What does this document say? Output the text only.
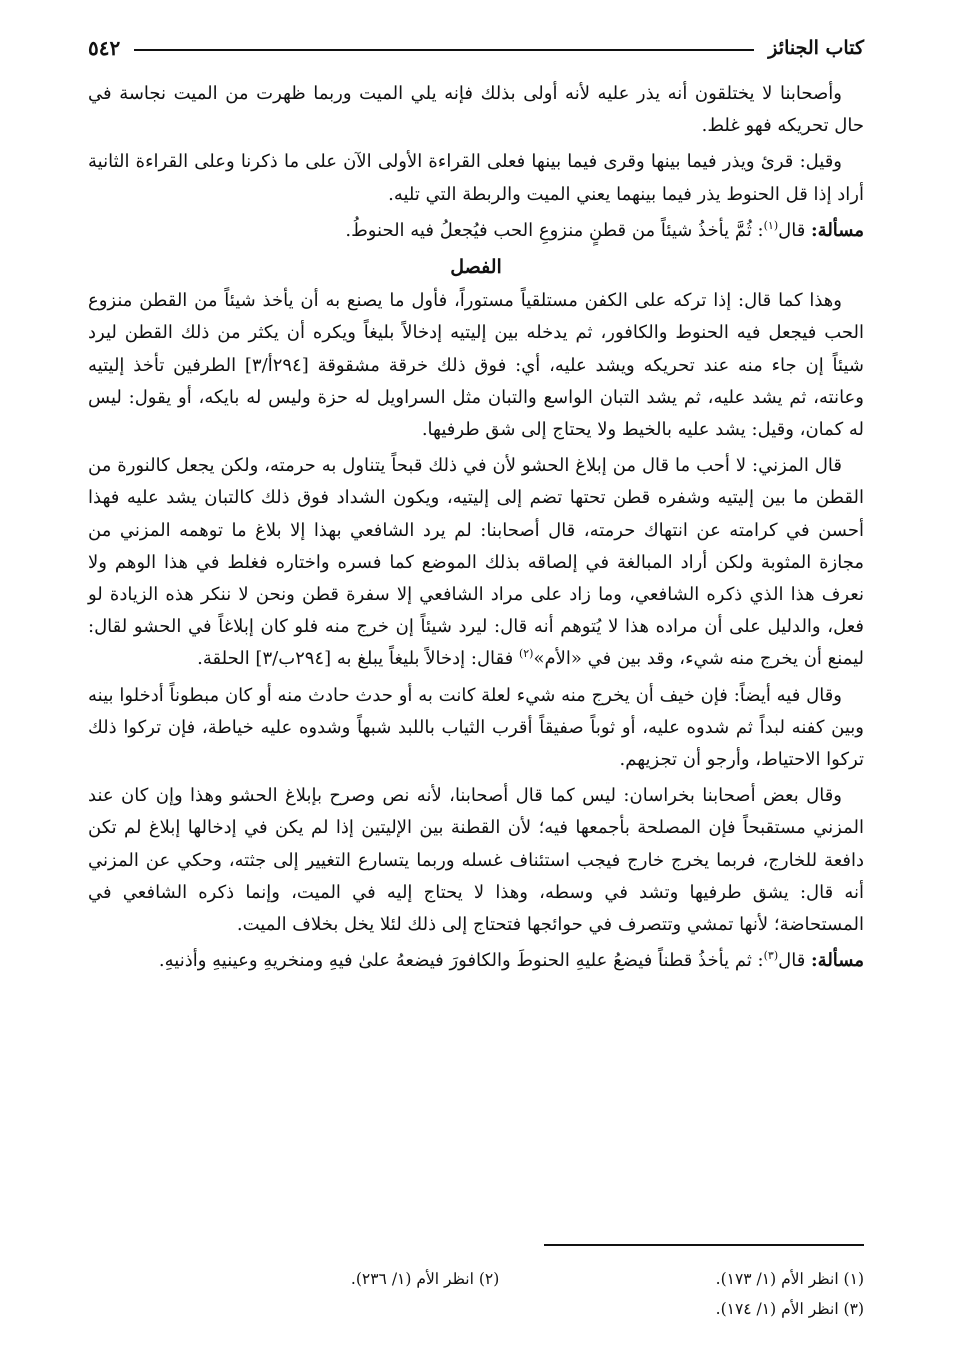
كتاب الجنائز
٥٤٢

وأصحابنا لا يختلقون أنه يذر عليه لأنه أولى بذلك فإنه يلي الميت وربما ظهرت من الميت نجاسة في حال تحريكه فهو غلط.

وقيل: قرئ ويذر فيما بينها وقرى فيما بينها فعلى القراءة الأولى الآن على ما ذكرنا وعلى القراءة الثانية أراد إذا قل الحنوط يذر فيما بينهما يعني الميت والربطة التي تليه.

مسألة: قال$^{(١)}$: ثُمَّ يأخذُ شيئاً من قطنٍ منزوعِ الحب فيُجعلُ فيه الحنوطُ.

الفصل

وهذا كما قال: إذا تركه على الكفن مستلقياً مستوراً، فأول ما يصنع به أن يأخذ شيئاً من القطن منزوع الحب فيجعل فيه الحنوط والكافور، ثم يدخله بين إليتيه إدخالاً بليغاً ويكره أن يكثر من ذلك القطن ليرد شيئاً إن جاء منه عند تحريكه ويشد عليه، أي: فوق ذلك خرقة مشقوقة [٢٩٤أ/٣] الطرفين تأخذ إليتيه وعانته، ثم يشد عليه، ثم يشد التبان الواسع والتبان مثل السراويل له حزة وليس له بايكه، أو يقول: ليس له كمان، وقيل: يشد عليه بالخيط ولا يحتاج إلى شق طرفيها.

قال المزني: لا أحب ما قال من إبلاغ الحشو لأن في ذلك قبحاً يتناول به حرمته، ولكن يجعل كالنورة من القطن ما بين إليتيه وشفره قطن تحتها تضم إلى إليتيه، ويكون الشداد فوق ذلك كالتبان يشد عليه فهذا أحسن في كرامته عن انتهاك حرمته، قال أصحابنا: لم يرد الشافعي بهذا إلا بلاغ ما توهمه المزني من مجازة المثوبة ولكن أراد المبالغة في إلصاقه بذلك الموضع كما فسره واختاره فغلط في هذا الوهم ولا نعرف هذا الذي ذكره الشافعي، وما زاد على مراد الشافعي إلا سفرة قطن ونحن لا ننكر هذه الزيادة لو فعل، والدليل على أن مراده هذا لا يُتوهم أنه قال: ليرد شيئاً إن خرج منه فلو كان إبلاغاً في الحشو لقال: ليمنع أن يخرج منه شيء، وقد بين في «الأم»$^{(٢)}$ فقال: إدخالاً بليغاً يبلغ به [٢٩٤ب/٣] الحلقة.

وقال فيه أيضاً: فإن خيف أن يخرج منه شيء لعلة كانت به أو حدث حادث منه أو كان مبطوناً أدخلوا بينه وبين كفنه لبداً ثم شدوه عليه، أو ثوباً صفيقاً أقرب الثياب باللبد شبهاً وشدوه عليه خياطة، فإن تركوا ذلك تركوا الاحتياط، وأرجو أن تجزيهم.

وقال بعض أصحابنا بخراسان: ليس كما قال أصحابنا، لأنه نص وصرح بإبلاغ الحشو وهذا وإن كان عند المزني مستقبحاً فإن المصلحة بأجمعها فيه؛ لأن القطنة بين الإليتين إذا لم يكن في إدخالها إبلاغ لم تكن دافعة للخارج، فربما يخرج خارج فيجب استئناف غسله وربما يتسارع التغيير إلى جثته، وحكي عن المزني أنه قال: يشق طرفيها وتشد في وسطه، وهذا لا يحتاج إليه في الميت، وإنما ذكره الشافعي في المستحاضة؛ لأنها تمشي وتتصرف في حوائجها فتحتاج إلى ذلك لئلا يخل بخلاف الميت.

مسألة: قال$^{(٣)}$: ثم يأخذُ قطناً فيضعُ عليهِ الحنوطَ والكافورَ فيضعهُ علىٰ فيهِ ومنخريهِ وعينيهِ وأذنيهِ.

(١) انظر الأم (١/ ١٧٣).
(٢) انظر الأم (١/ ٢٣٦).
(٣) انظر الأم (١/ ١٧٤).
